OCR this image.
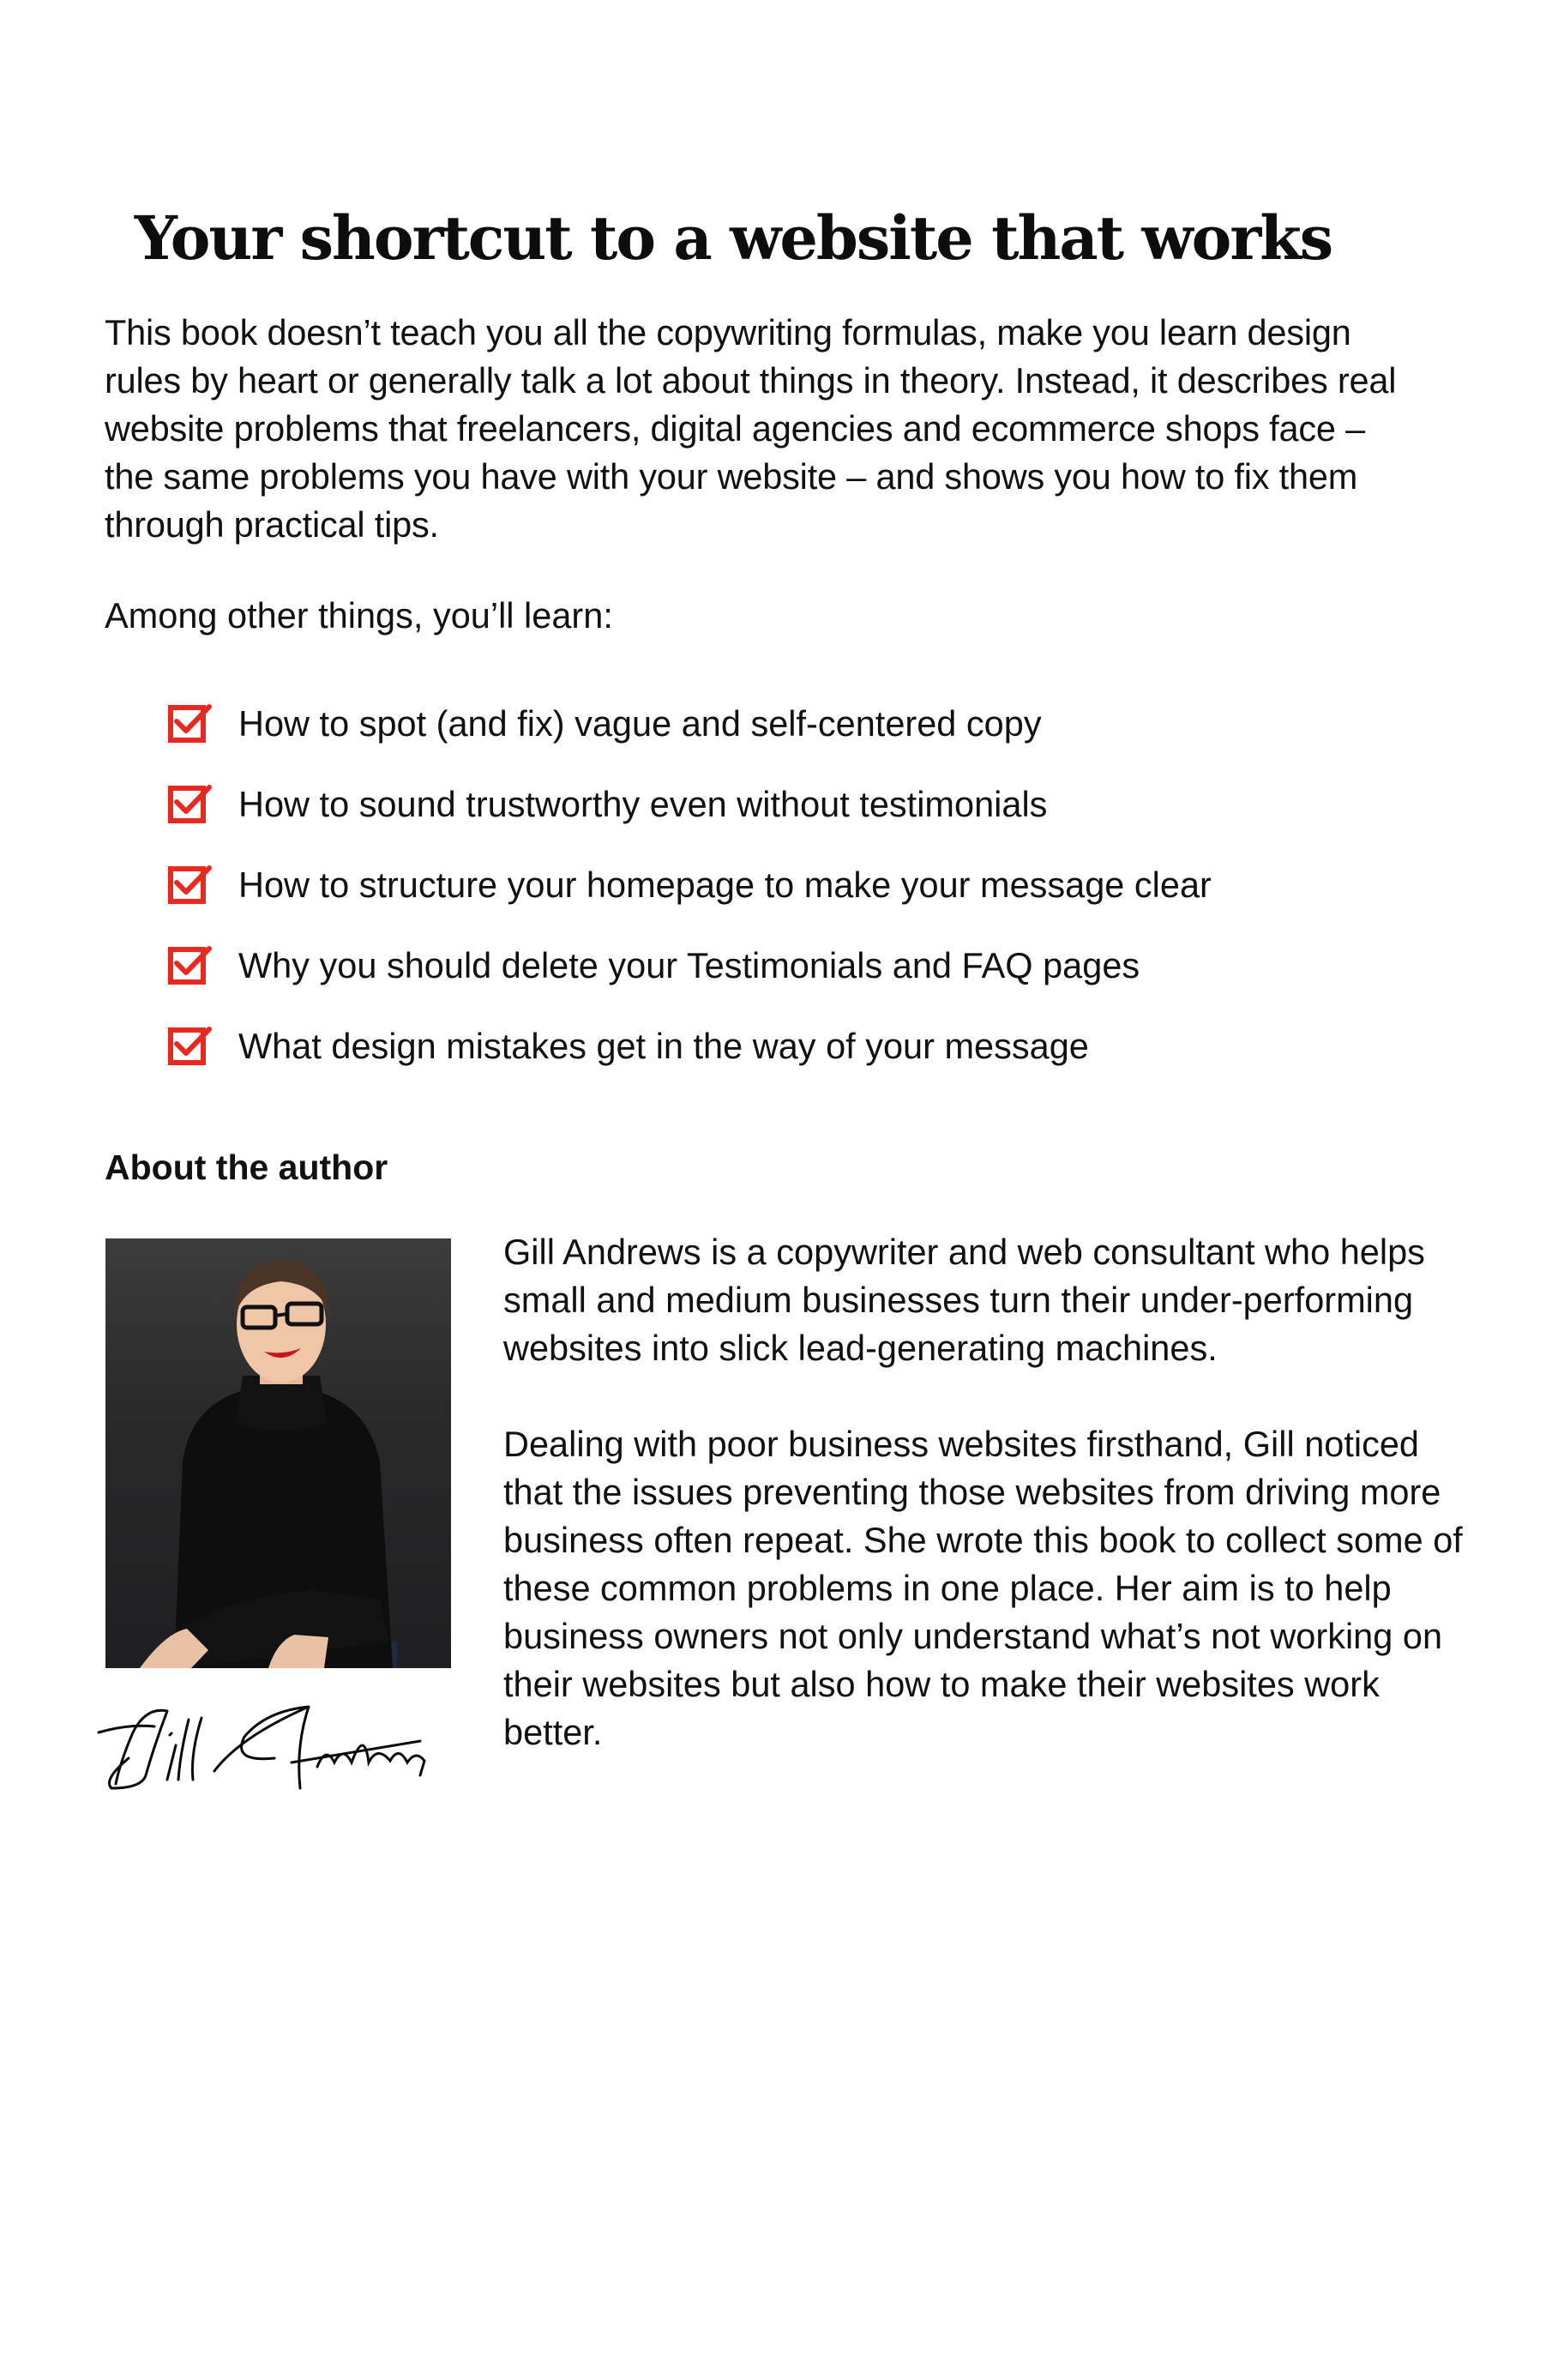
Your shortcut to a website that works

This book doesn’t teach you all the copywriting formulas, make you learn design rules by heart or generally talk a lot about things in theory. Instead, it describes real website problems that freelancers, digital agencies and ecommerce shops face – the same problems you have with your website – and shows you how to fix them through practical tips.

Among other things, you’ll learn:

How to spot (and fix) vague and self-centered copy
How to sound trustworthy even without testimonials
How to structure your homepage to make your message clear
Why you should delete your Testimonials and FAQ pages
What design mistakes get in the way of your message
About the author

Gill Andrews is a copywriter and web consultant who helps small and medium businesses turn their under-performing websites into slick lead-generating machines.

Dealing with poor business websites firsthand, Gill noticed that the issues preventing those websites from driving more business often repeat. She wrote this book to collect some of these common problems in one place. Her aim is to help business owners not only understand what’s not working on their websites but also how to make their websites work better.
